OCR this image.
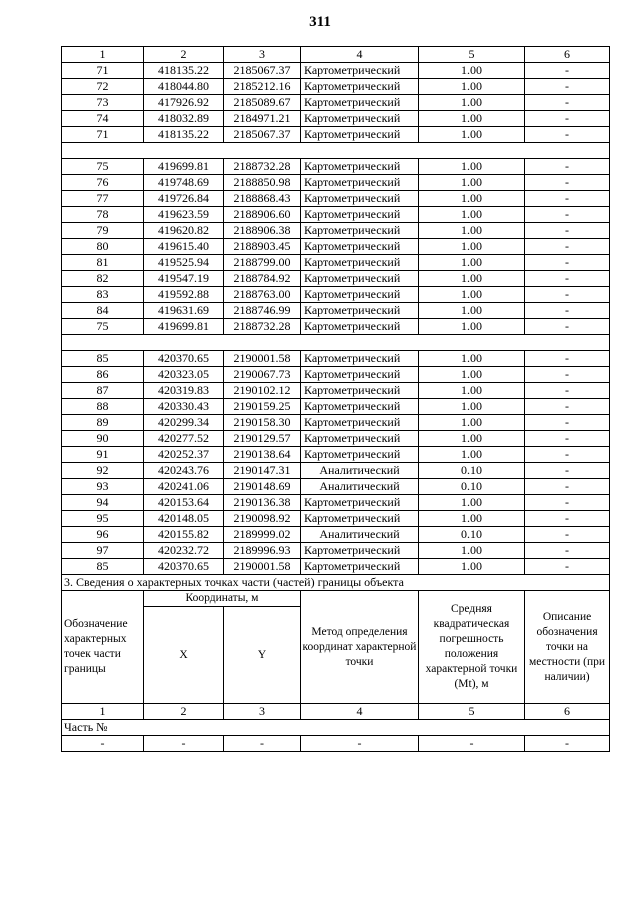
311
1	2	3	4	5	6
71	418135.22	2185067.37	Картометрический	1.00	-
72	418044.80	2185212.16	Картометрический	1.00	-
73	417926.92	2185089.67	Картометрический	1.00	-
74	418032.89	2184971.21	Картометрический	1.00	-
71	418135.22	2185067.37	Картометрический	1.00	-

75	419699.81	2188732.28	Картометрический	1.00	-
76	419748.69	2188850.98	Картометрический	1.00	-
77	419726.84	2188868.43	Картометрический	1.00	-
78	419623.59	2188906.60	Картометрический	1.00	-
79	419620.82	2188906.38	Картометрический	1.00	-
80	419615.40	2188903.45	Картометрический	1.00	-
81	419525.94	2188799.00	Картометрический	1.00	-
82	419547.19	2188784.92	Картометрический	1.00	-
83	419592.88	2188763.00	Картометрический	1.00	-
84	419631.69	2188746.99	Картометрический	1.00	-
75	419699.81	2188732.28	Картометрический	1.00	-

85	420370.65	2190001.58	Картометрический	1.00	-
86	420323.05	2190067.73	Картометрический	1.00	-
87	420319.83	2190102.12	Картометрический	1.00	-
88	420330.43	2190159.25	Картометрический	1.00	-
89	420299.34	2190158.30	Картометрический	1.00	-
90	420277.52	2190129.57	Картометрический	1.00	-
91	420252.37	2190138.64	Картометрический	1.00	-
92	420243.76	2190147.31	Аналитический	0.10	-
93	420241.06	2190148.69	Аналитический	0.10	-
94	420153.64	2190136.38	Картометрический	1.00	-
95	420148.05	2190098.92	Картометрический	1.00	-
96	420155.82	2189999.02	Аналитический	0.10	-
97	420232.72	2189996.93	Картометрический	1.00	-
85	420370.65	2190001.58	Картометрический	1.00	-
3. Сведения о характерных точках части (частей) границы объекта					
Обозначение характерных точек части границы	Координаты, м		Метод определения координат характерной точки	Средняя квадратическая погрешность положения характерной точки (Mt), м	Описание обозначения точки на местности (при наличии)
	X	Y			
1	2	3	4	5	6
Часть №					
-	-	-	-	-	-
